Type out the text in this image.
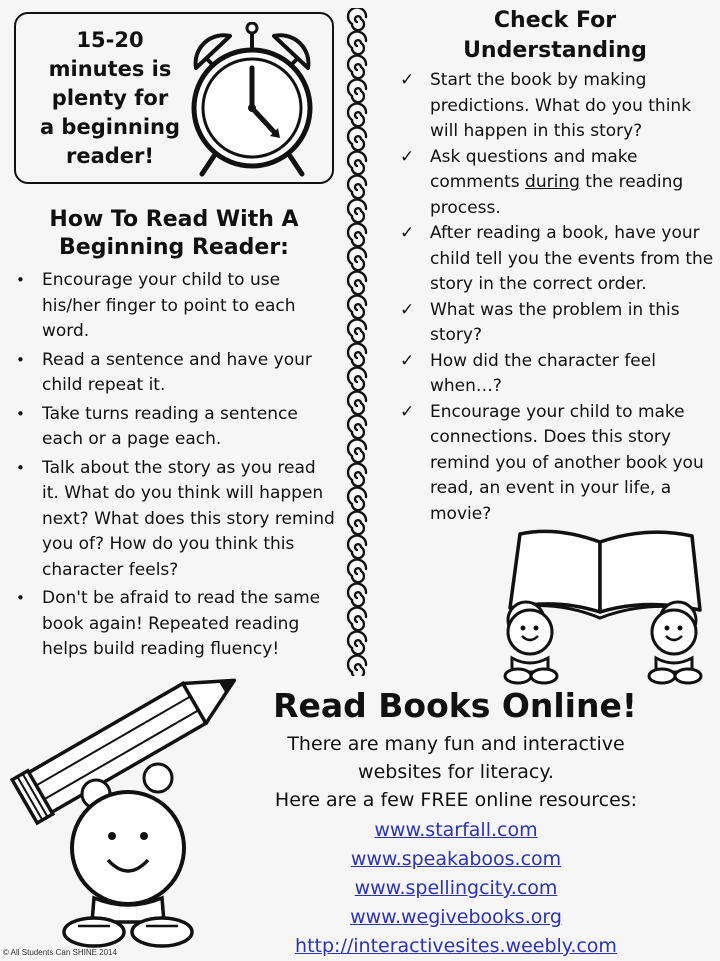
15-20
minutes is
plenty for
a beginning
reader!
How To Read With A
Beginning Reader:
• Encourage your child to use his/her finger to point to each word.
• Read a sentence and have your child repeat it.
• Take turns reading a sentence each or a page each.
• Talk about the story as you read it. What do you think will happen next? What does this story remind you of? How do you think this character feels?
• Don't be afraid to read the same book again! Repeated reading helps build reading fluency!
Check For
Understanding
✓ Start the book by making predictions. What do you think will happen in this story?
✓ Ask questions and make comments during the reading process.
✓ After reading a book, have your child tell you the events from the story in the correct order.
✓ What was the problem in this story?
✓ How did the character feel when…?
✓ Encourage your child to make connections. Does this story remind you of another book you read, an event in your life, a movie?
Read Books Online!
There are many fun and interactive
websites for literacy.
Here are a few FREE online resources:
www.starfall.com
www.speakaboos.com
www.spellingcity.com
www.wegivebooks.org
http://interactivesites.weebly.com
© All Students Can SHINE 2014
